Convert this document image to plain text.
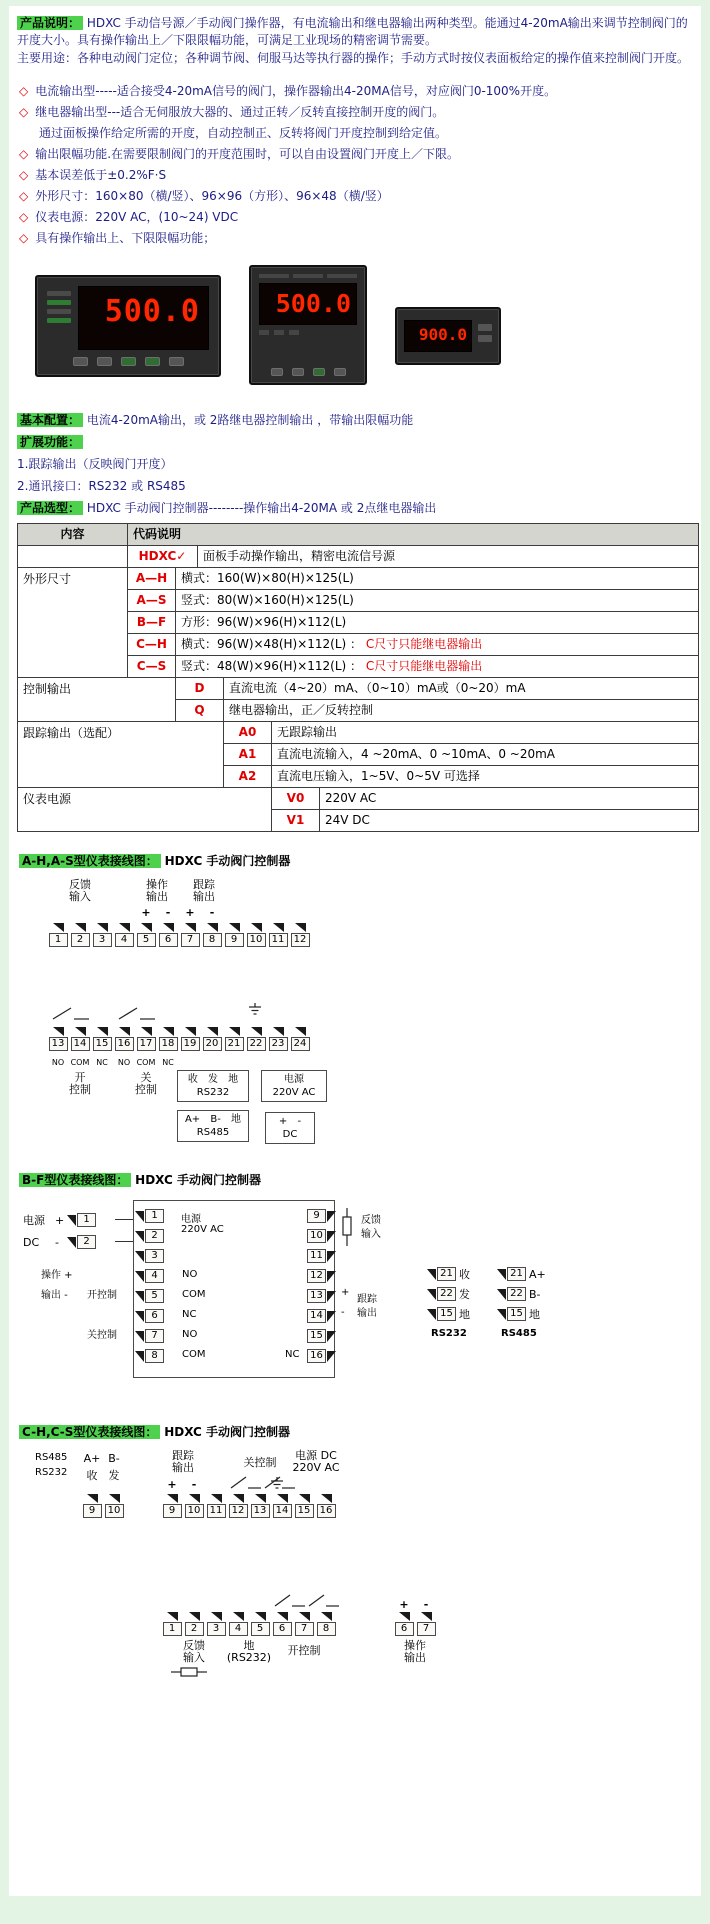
产品说明： HDXC 手动信号源／手动阀门操作器，有电流输出和继电器输出两种类型。能通过4-20mA输出来调节控制阀门的开度大小。具有操作输出上／下限限幅功能，可满足工业现场的精密调节需要。
主要用途：各种电动阀门定位；各种调节阀、伺服马达等执行器的操作；手动方式时按仪表面板给定的操作值来控制阀门开度。
◇ 电流输出型-----适合接受4-20mA信号的阀门，操作器输出4-20MA信号，对应阀门0-100%开度。
◇ 继电器输出型---适合无伺服放大器的、通过正转／反转直接控制开度的阀门。
通过面板操作给定所需的开度，自动控制正、反转将阀门开度控制到给定值。
◇ 输出限幅功能.在需要限制阀门的开度范围时，可以自由设置阀门开度上／下限。
◇ 基本误差低于±0.2%F·S
◇ 外形尺寸：160×80（横/竖）、96×96（方形）、96×48（横/竖）
◇ 仪表电源：220V AC，(10~24) VDC
◇ 具有操作输出上、下限限幅功能；
500.0	500.0
900.0
基本配置： 电流4-20mA输出，或 2路继电器控制输出 ，带输出限幅功能
扩展功能：
1.跟踪输出（反映阀门开度）
2.通讯接口：RS232 或 RS485
产品选型： HDXC 手动阀门控制器--------操作输出4-20MA 或 2点继电器输出
内容	代码说明
HDXC✓	面板手动操作输出，精密电流信号源
外形尺寸	A—H	横式：160(W)×80(H)×125(L)
A—S	竖式：80(W)×160(H)×125(L)
B—F	方形：96(W)×96(H)×112(L)
C—H	横式：96(W)×48(H)×112(L) ： C尺寸只能继电器输出
C—S	竖式：48(W)×96(H)×112(L) ： C尺寸只能继电器输出
控制输出	D	直流电流（4~20）mA、（0~10）mA或（0~20）mA
Q	继电器输出，正／反转控制
跟踪输出（选配）	A0	无跟踪输出
A1	直流电流输入，4 ~20mA、0 ~10mA、0 ~20mA
A2	直流电压输入，1~5V、0~5V 可选择
仪表电源	V0	220V AC
V1	24V DC
A-H,A-S型仪表接线图： HDXC 手动阀门控制器
反馈
输入
操作
输出
跟踪
输出
+	-	+	-
1	2	3	4	5	6	7	8	9	10 11 12
13 14 15 16 17 18 19 20 21 22 23 24
NO COM NC	NO COM NC
开
控制
关
控制
收 发 地
RS232
电源
220V AC
A+ B- 地
RS485
+ -
DC
B-F型仪表接线图： HDXC 手动阀门控制器
电源 +	1
DC	-	2
1
2
3
4
5
6
7
8
电源
220V AC
NO
COM
NC
NO
COM
操作 +
输出 - 开控制
关控制
9
10
11
12
13
14
15
16
NC
反馈
输入
+
-
跟踪
输出
21 收
22 发
15 地
RS232
21 A+
22 B-
15 地
RS485
C-H,C-S型仪表接线图： HDXC 手动阀门控制器
RS485 A+ B-
RS232	收	发
9	10
跟踪
输出
+	-
关控制
电源 DC
220V AC
9	10 11 12 13 14 15 16
1	2	3	4	5	6	7	8
反馈
输入
地
(RS232)
开控制
+	-
6	7
操作
输出
